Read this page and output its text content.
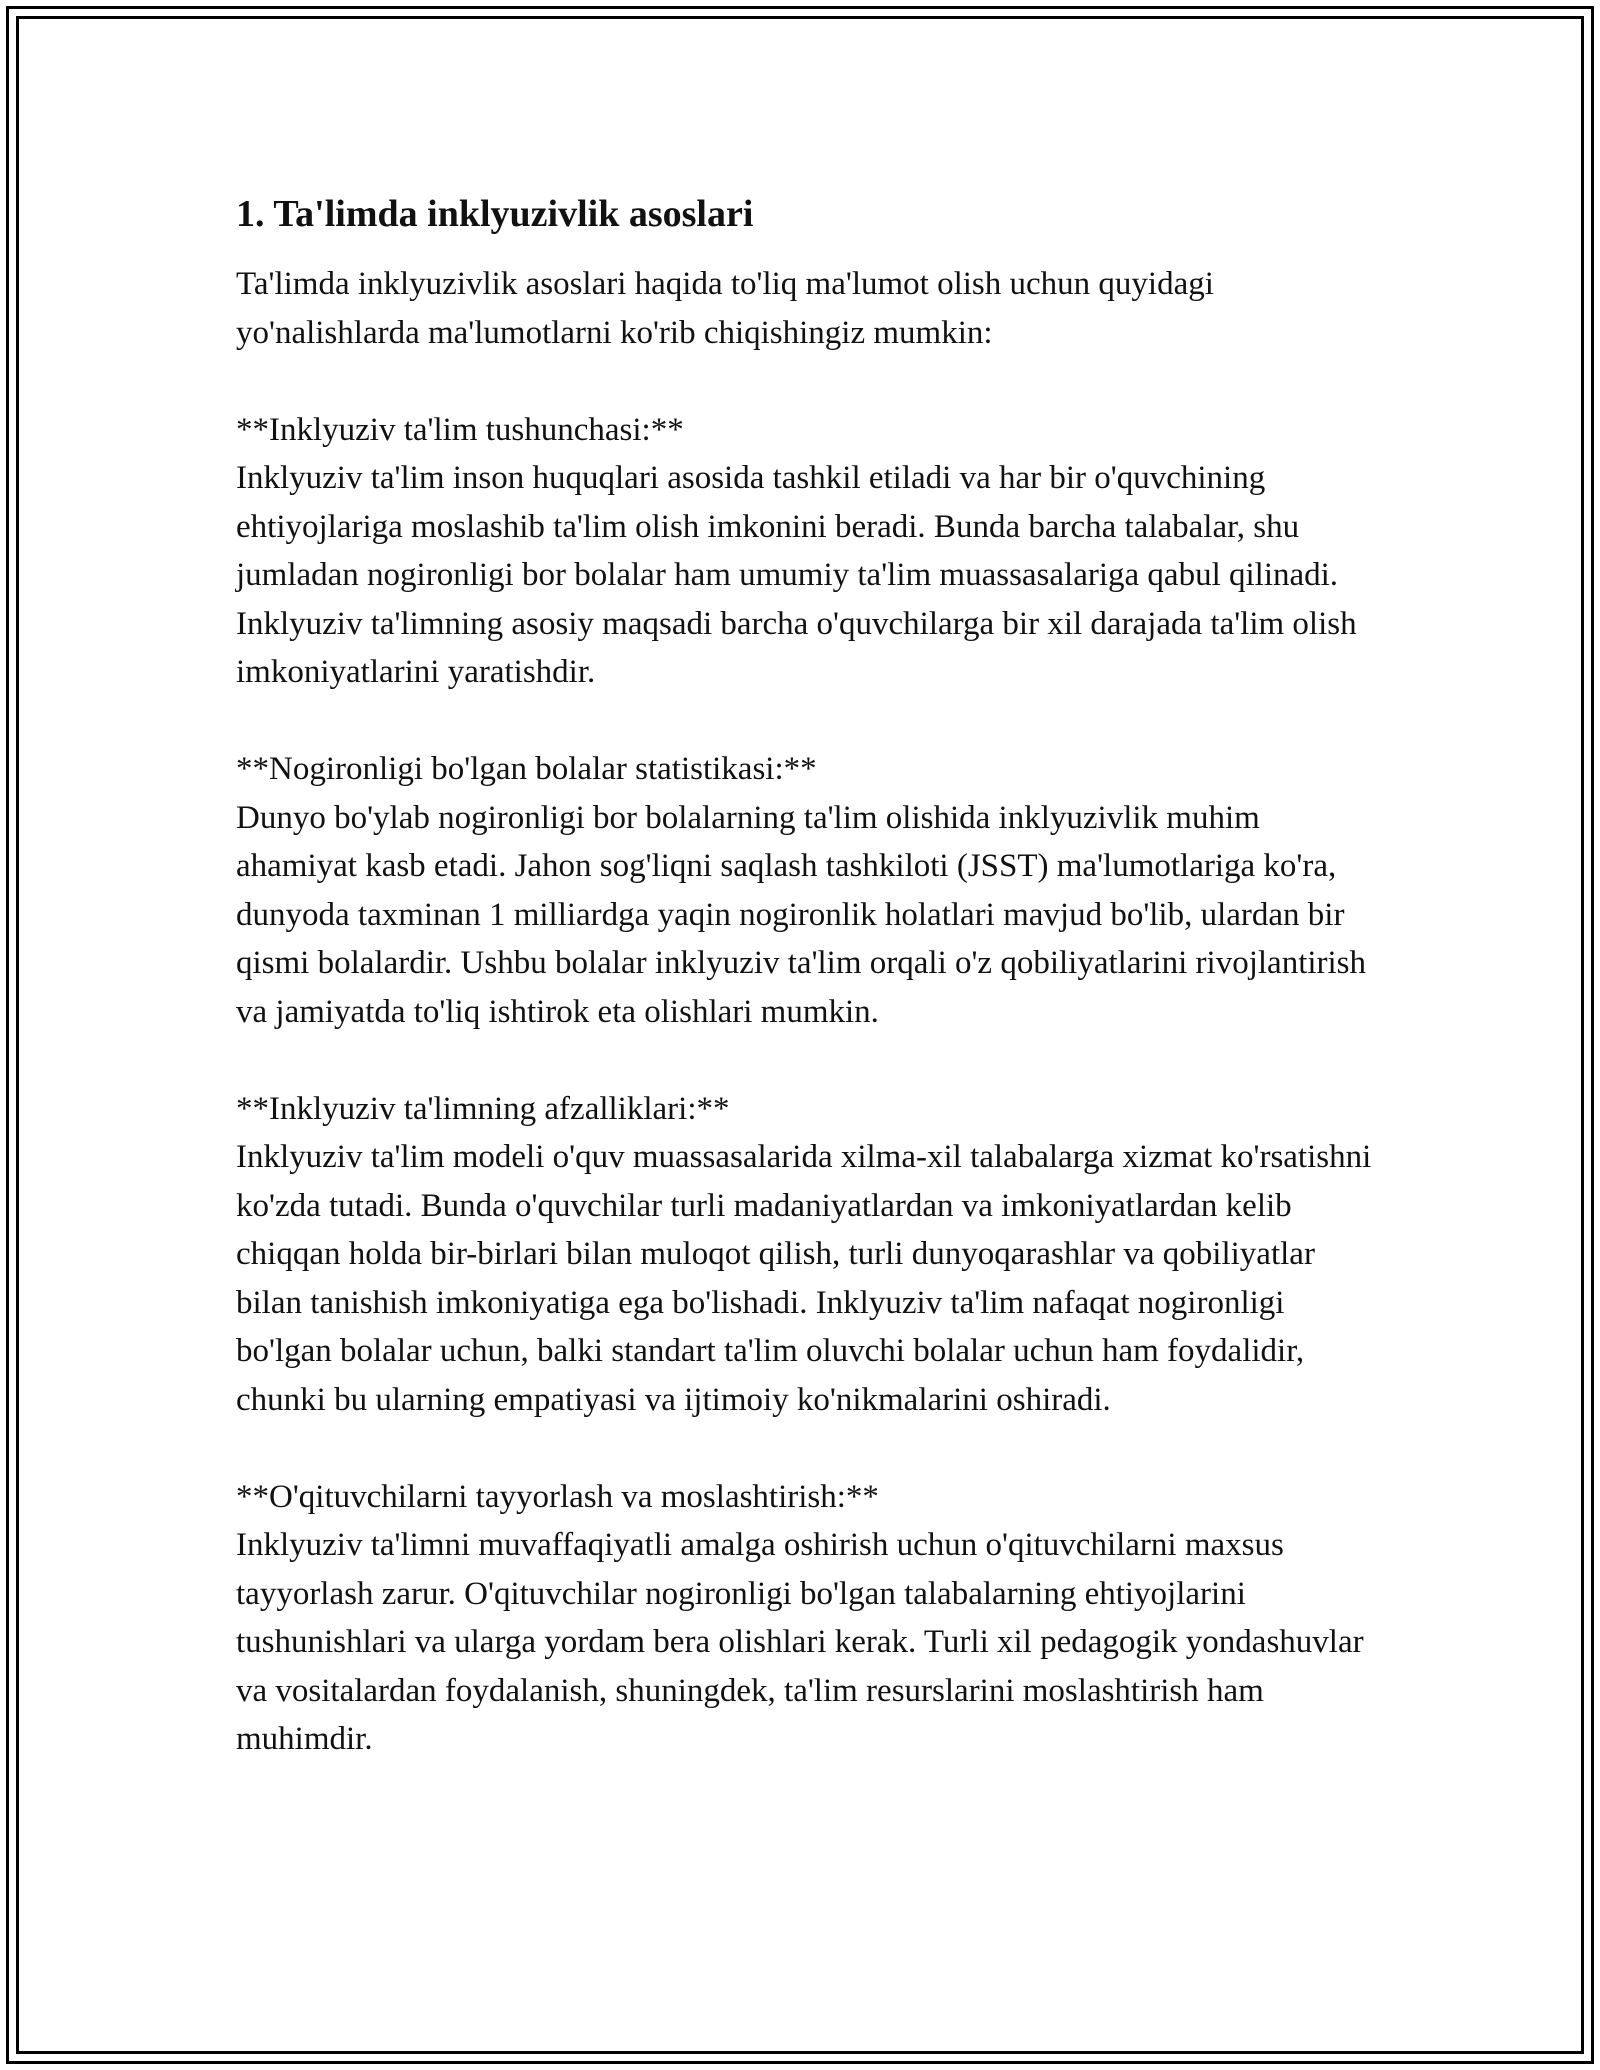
1. Ta'limda inklyuzivlik asoslari

Ta'limda inklyuzivlik asoslari haqida to'liq ma'lumot olish uchun quyidagi yo'nalishlarda ma'lumotlarni ko'rib chiqishingiz mumkin:

**Inklyuziv ta'lim tushunchasi:**
Inklyuziv ta'lim inson huquqlari asosida tashkil etiladi va har bir o'quvchining ehtiyojlariga moslashib ta'lim olish imkonini beradi. Bunda barcha talabalar, shu jumladan nogironligi bor bolalar ham umumiy ta'lim muassasalariga qabul qilinadi. Inklyuziv ta'limning asosiy maqsadi barcha o'quvchilarga bir xil darajada ta'lim olish imkoniyatlarini yaratishdir.

**Nogironligi bo'lgan bolalar statistikasi:**
Dunyo bo'ylab nogironligi bor bolalarning ta'lim olishida inklyuzivlik muhim ahamiyat kasb etadi. Jahon sog'liqni saqlash tashkiloti (JSST) ma'lumotlariga ko'ra, dunyoda taxminan 1 milliardga yaqin nogironlik holatlari mavjud bo'lib, ulardan bir qismi bolalardir. Ushbu bolalar inklyuziv ta'lim orqali o'z qobiliyatlarini rivojlantirish va jamiyatda to'liq ishtirok eta olishlari mumkin.

**Inklyuziv ta'limning afzalliklari:**
Inklyuziv ta'lim modeli o'quv muassasalarida xilma-xil talabalarga xizmat ko'rsatishni ko'zda tutadi. Bunda o'quvchilar turli madaniyatlardan va imkoniyatlardan kelib chiqqan holda bir-birlari bilan muloqot qilish, turli dunyoqarashlar va qobiliyatlar bilan tanishish imkoniyatiga ega bo'lishadi. Inklyuziv ta'lim nafaqat nogironligi bo'lgan bolalar uchun, balki standart ta'lim oluvchi bolalar uchun ham foydalidir, chunki bu ularning empatiyasi va ijtimoiy ko'nikmalarini oshiradi.

**O'qituvchilarni tayyorlash va moslashtirish:**
Inklyuziv ta'limni muvaffaqiyatli amalga oshirish uchun o'qituvchilarni maxsus tayyorlash zarur. O'qituvchilar nogironligi bo'lgan talabalarning ehtiyojlarini tushunishlari va ularga yordam bera olishlari kerak. Turli xil pedagogik yondashuvlar va vositalardan foydalanish, shuningdek, ta'lim resurslarini moslashtirish ham muhimdir.
